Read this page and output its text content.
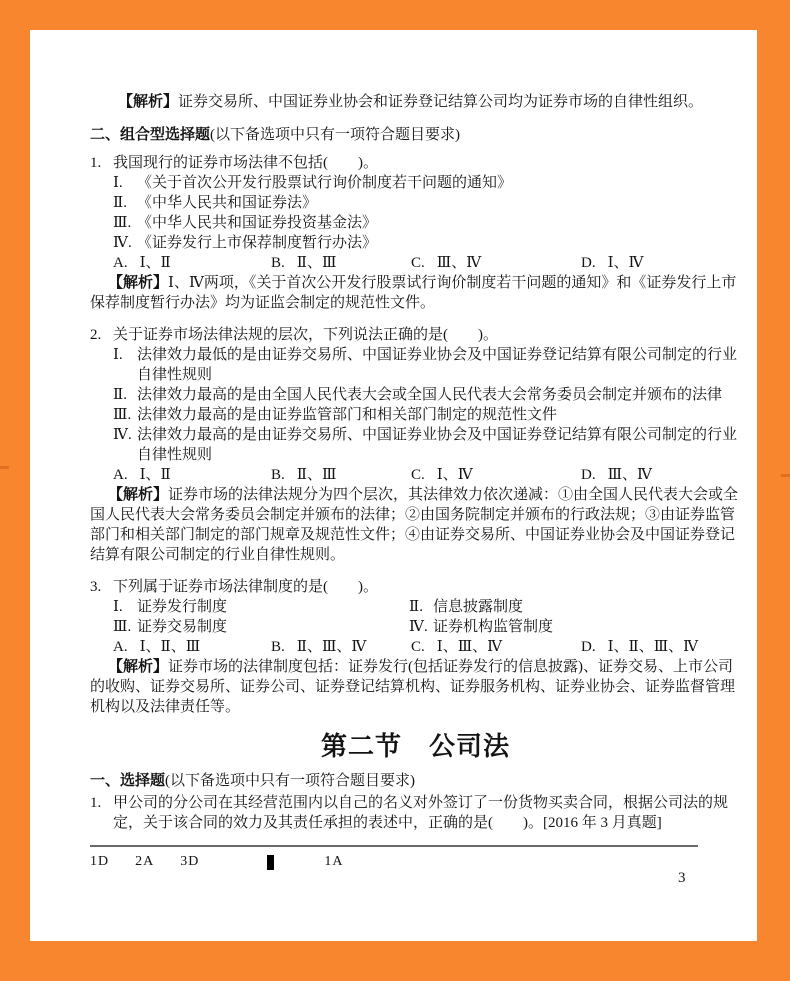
【解析】证券交易所、中国证券业协会和证券登记结算公司均为证券市场的自律性组织。

二、组合型选择题(以下备选项中只有一项符合题目要求)

1. 我国现行的证券市场法律不包括(　　)。
Ⅰ. 《关于首次公开发行股票试行询价制度若干问题的通知》
Ⅱ. 《中华人民共和国证券法》
Ⅲ. 《中华人民共和国证券投资基金法》
Ⅳ. 《证券发行上市保荐制度暂行办法》
A. Ⅰ、Ⅱ	B. Ⅱ、Ⅲ	C. Ⅲ、Ⅳ	D. Ⅰ、Ⅳ

【解析】Ⅰ、Ⅳ两项，《关于首次公开发行股票试行询价制度若干问题的通知》和《证券发行上市保荐制度暂行办法》均为证监会制定的规范性文件。

2. 关于证券市场法律法规的层次，下列说法正确的是(　　)。
Ⅰ. 法律效力最低的是由证券交易所、中国证券业协会及中国证券登记结算有限公司制定的行业自律性规则
Ⅱ. 法律效力最高的是由全国人民代表大会或全国人民代表大会常务委员会制定并颁布的法律
Ⅲ. 法律效力最高的是由证券监管部门和相关部门制定的规范性文件
Ⅳ. 法律效力最高的是由证券交易所、中国证券业协会及中国证券登记结算有限公司制定的行业自律性规则
A. Ⅰ、Ⅱ	B. Ⅱ、Ⅲ	C. Ⅰ、Ⅳ	D. Ⅲ、Ⅳ

【解析】证券市场的法律法规分为四个层次，其法律效力依次递减：①由全国人民代表大会或全国人民代表大会常务委员会制定并颁布的法律；②由国务院制定并颁布的行政法规；③由证券监管部门和相关部门制定的部门规章及规范性文件；④由证券交易所、中国证券业协会及中国证券登记结算有限公司制定的行业自律性规则。

3. 下列属于证券市场法律制度的是(　　)。
Ⅰ. 证券发行制度	Ⅱ. 信息披露制度
Ⅲ. 证券交易制度	Ⅳ. 证券机构监管制度
A. Ⅰ、Ⅱ、Ⅲ	B. Ⅱ、Ⅲ、Ⅳ	C. Ⅰ、Ⅲ、Ⅳ	D. Ⅰ、Ⅱ、Ⅲ、Ⅳ

【解析】证券市场的法律制度包括：证券发行(包括证券发行的信息披露)、证券交易、上市公司的收购、证券交易所、证券公司、证券登记结算机构、证券服务机构、证券业协会、证券监督管理机构以及法律责任等。

第二节　公司法

一、选择题(以下备选项中只有一项符合题目要求)

1. 甲公司的分公司在其经营范围内以自己的名义对外签订了一份货物买卖合同，根据公司法的规定，关于该合同的效力及其责任承担的表述中，正确的是(　　)。[2016 年 3 月真题]
1D 2A 3D	1A
3
